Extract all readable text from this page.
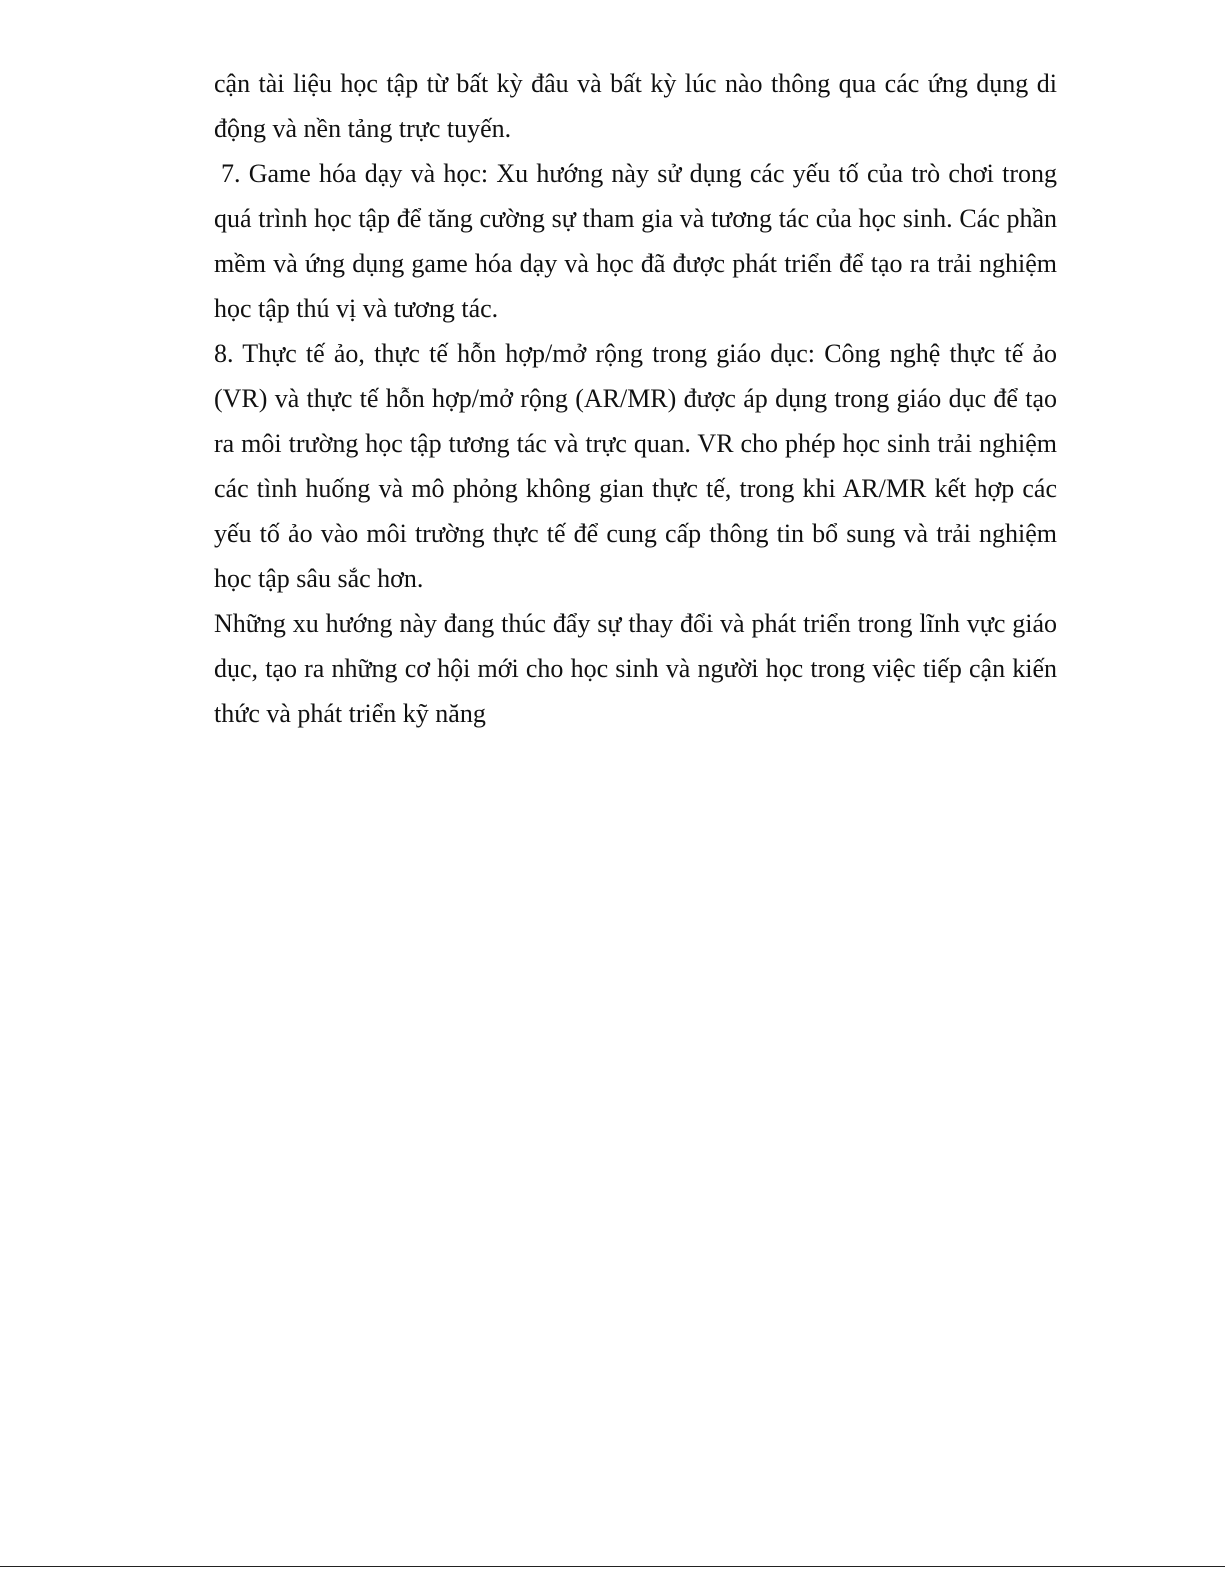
cận tài liệu học tập từ bất kỳ đâu và bất kỳ lúc nào thông qua các ứng dụng di động và nền tảng trực tuyến.

7. Game hóa dạy và học: Xu hướng này sử dụng các yếu tố của trò chơi trong quá trình học tập để tăng cường sự tham gia và tương tác của học sinh. Các phần mềm và ứng dụng game hóa dạy và học đã được phát triển để tạo ra trải nghiệm học tập thú vị và tương tác.

8. Thực tế ảo, thực tế hỗn hợp/mở rộng trong giáo dục: Công nghệ thực tế ảo (VR) và thực tế hỗn hợp/mở rộng (AR/MR) được áp dụng trong giáo dục để tạo ra môi trường học tập tương tác và trực quan. VR cho phép học sinh trải nghiệm các tình huống và mô phỏng không gian thực tế, trong khi AR/MR kết hợp các yếu tố ảo vào môi trường thực tế để cung cấp thông tin bổ sung và trải nghiệm học tập sâu sắc hơn.

Những xu hướng này đang thúc đẩy sự thay đổi và phát triển trong lĩnh vực giáo dục, tạo ra những cơ hội mới cho học sinh và người học trong việc tiếp cận kiến thức và phát triển kỹ năng
